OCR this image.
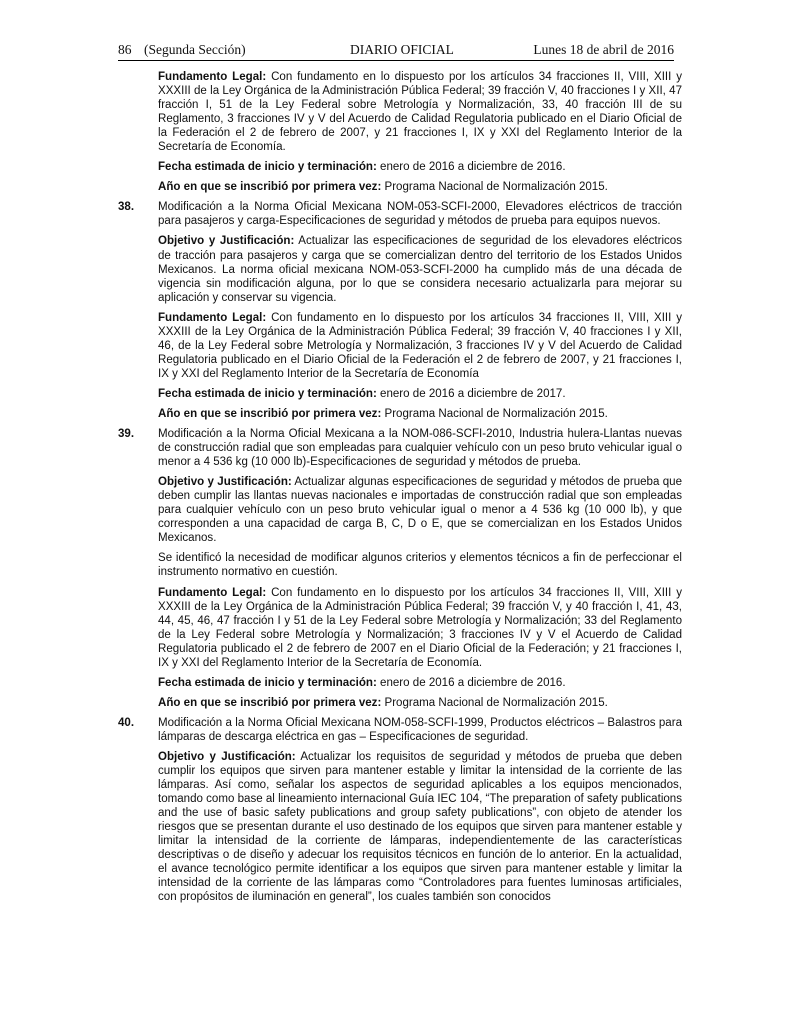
86 (Segunda Sección)	DIARIO OFICIAL	Lunes 18 de abril de 2016

Fundamento Legal: Con fundamento en lo dispuesto por los artículos 34 fracciones II, VIII, XIII y XXXIII de la Ley Orgánica de la Administración Pública Federal; 39 fracción V, 40 fracciones I y XII, 47 fracción I, 51 de la Ley Federal sobre Metrología y Normalización, 33, 40 fracción III de su Reglamento, 3 fracciones IV y V del Acuerdo de Calidad Regulatoria publicado en el Diario Oficial de la Federación el 2 de febrero de 2007, y 21 fracciones I, IX y XXI del Reglamento Interior de la Secretaría de Economía.

Fecha estimada de inicio y terminación: enero de 2016 a diciembre de 2016.

Año en que se inscribió por primera vez: Programa Nacional de Normalización 2015.

38. Modificación a la Norma Oficial Mexicana NOM-053-SCFI-2000, Elevadores eléctricos de tracción para pasajeros y carga-Especificaciones de seguridad y métodos de prueba para equipos nuevos.

Objetivo y Justificación: Actualizar las especificaciones de seguridad de los elevadores eléctricos de tracción para pasajeros y carga que se comercializan dentro del territorio de los Estados Unidos Mexicanos. La norma oficial mexicana NOM-053-SCFI-2000 ha cumplido más de una década de vigencia sin modificación alguna, por lo que se considera necesario actualizarla para mejorar su aplicación y conservar su vigencia.

Fundamento Legal: Con fundamento en lo dispuesto por los artículos 34 fracciones II, VIII, XIII y XXXIII de la Ley Orgánica de la Administración Pública Federal; 39 fracción V, 40 fracciones I y XII, 46, de la Ley Federal sobre Metrología y Normalización, 3 fracciones IV y V del Acuerdo de Calidad Regulatoria publicado en el Diario Oficial de la Federación el 2 de febrero de 2007, y 21 fracciones I, IX y XXI del Reglamento Interior de la Secretaría de Economía

Fecha estimada de inicio y terminación: enero de 2016 a diciembre de 2017.

Año en que se inscribió por primera vez: Programa Nacional de Normalización 2015.

39. Modificación a la Norma Oficial Mexicana a la NOM-086-SCFI-2010, Industria hulera-Llantas nuevas de construcción radial que son empleadas para cualquier vehículo con un peso bruto vehicular igual o menor a 4 536 kg (10 000 lb)-Especificaciones de seguridad y métodos de prueba.

Objetivo y Justificación: Actualizar algunas especificaciones de seguridad y métodos de prueba que deben cumplir las llantas nuevas nacionales e importadas de construcción radial que son empleadas para cualquier vehículo con un peso bruto vehicular igual o menor a 4 536 kg (10 000 lb), y que corresponden a una capacidad de carga B, C, D o E, que se comercializan en los Estados Unidos Mexicanos.

Se identificó la necesidad de modificar algunos criterios y elementos técnicos a fin de perfeccionar el instrumento normativo en cuestión.

Fundamento Legal: Con fundamento en lo dispuesto por los artículos 34 fracciones II, VIII, XIII y XXXIII de la Ley Orgánica de la Administración Pública Federal; 39 fracción V, y 40 fracción I, 41, 43, 44, 45, 46, 47 fracción I y 51 de la Ley Federal sobre Metrología y Normalización; 33 del Reglamento de la Ley Federal sobre Metrología y Normalización; 3 fracciones IV y V el Acuerdo de Calidad Regulatoria publicado el 2 de febrero de 2007 en el Diario Oficial de la Federación; y 21 fracciones I, IX y XXI del Reglamento Interior de la Secretaría de Economía.

Fecha estimada de inicio y terminación: enero de 2016 a diciembre de 2016.

Año en que se inscribió por primera vez: Programa Nacional de Normalización 2015.

40. Modificación a la Norma Oficial Mexicana NOM-058-SCFI-1999, Productos eléctricos – Balastros para lámparas de descarga eléctrica en gas – Especificaciones de seguridad.

Objetivo y Justificación: Actualizar los requisitos de seguridad y métodos de prueba que deben cumplir los equipos que sirven para mantener estable y limitar la intensidad de la corriente de las lámparas. Así como, señalar los aspectos de seguridad aplicables a los equipos mencionados, tomando como base al lineamiento internacional Guía IEC 104, “The preparation of safety publications and the use of basic safety publications and group safety publications”, con objeto de atender los riesgos que se presentan durante el uso destinado de los equipos que sirven para mantener estable y limitar la intensidad de la corriente de lámparas, independientemente de las características descriptivas o de diseño y adecuar los requisitos técnicos en función de lo anterior. En la actualidad, el avance tecnológico permite identificar a los equipos que sirven para mantener estable y limitar la intensidad de la corriente de las lámparas como “Controladores para fuentes luminosas artificiales, con propósitos de iluminación en general”, los cuales también son conocidos
